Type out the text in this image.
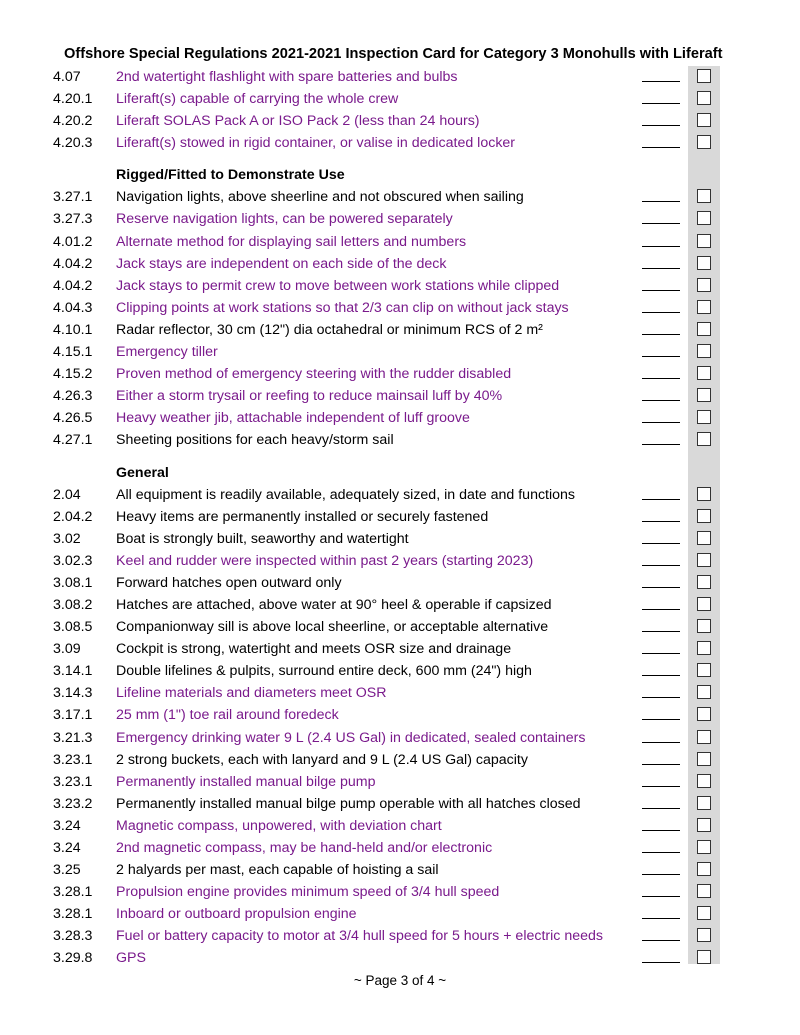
Offshore Special Regulations 2021-2021 Inspection Card for Category 3 Monohulls with Liferaft
4.07 2nd watertight flashlight with spare batteries and bulbs
4.20.1 Liferaft(s) capable of carrying the whole crew
4.20.2 Liferaft SOLAS Pack A or ISO Pack 2 (less than 24 hours)
4.20.3 Liferaft(s) stowed in rigid container, or valise in dedicated locker
Rigged/Fitted to Demonstrate Use
3.27.1 Navigation lights, above sheerline and not obscured when sailing
3.27.3 Reserve navigation lights, can be powered separately
4.01.2 Alternate method for displaying sail letters and numbers
4.04.2 Jack stays are independent on each side of the deck
4.04.2 Jack stays to permit crew to move between work stations while clipped
4.04.3 Clipping points at work stations so that 2/3 can clip on without jack stays
4.10.1 Radar reflector, 30 cm (12") dia octahedral or minimum RCS of 2 m²
4.15.1 Emergency tiller
4.15.2 Proven method of emergency steering with the rudder disabled
4.26.3 Either a storm trysail or reefing to reduce mainsail luff by 40%
4.26.5 Heavy weather jib, attachable independent of luff groove
4.27.1 Sheeting positions for each heavy/storm sail
General
2.04 All equipment is readily available, adequately sized, in date and functions
2.04.2 Heavy items are permanently installed or securely fastened
3.02 Boat is strongly built, seaworthy and watertight
3.02.3 Keel and rudder were inspected within past 2 years (starting 2023)
3.08.1 Forward hatches open outward only
3.08.2 Hatches are attached, above water at 90° heel & operable if capsized
3.08.5 Companionway sill is above local sheerline, or acceptable alternative
3.09 Cockpit is strong, watertight and meets OSR size and drainage
3.14.1 Double lifelines & pulpits, surround entire deck, 600 mm (24") high
3.14.3 Lifeline materials and diameters meet OSR
3.17.1 25 mm (1") toe rail around foredeck
3.21.3 Emergency drinking water 9 L (2.4 US Gal) in dedicated, sealed containers
3.23.1 2 strong buckets, each with lanyard and 9 L (2.4 US Gal) capacity
3.23.1 Permanently installed manual bilge pump
3.23.2 Permanently installed manual bilge pump operable with all hatches closed
3.24 Magnetic compass, unpowered, with deviation chart
3.24 2nd magnetic compass, may be hand-held and/or electronic
3.25 2 halyards per mast, each capable of hoisting a sail
3.28.1 Propulsion engine provides minimum speed of 3/4 hull speed
3.28.1 Inboard or outboard propulsion engine
3.28.3 Fuel or battery capacity to motor at 3/4 hull speed for 5 hours + electric needs
3.29.8 GPS
~ Page 3 of 4 ~
